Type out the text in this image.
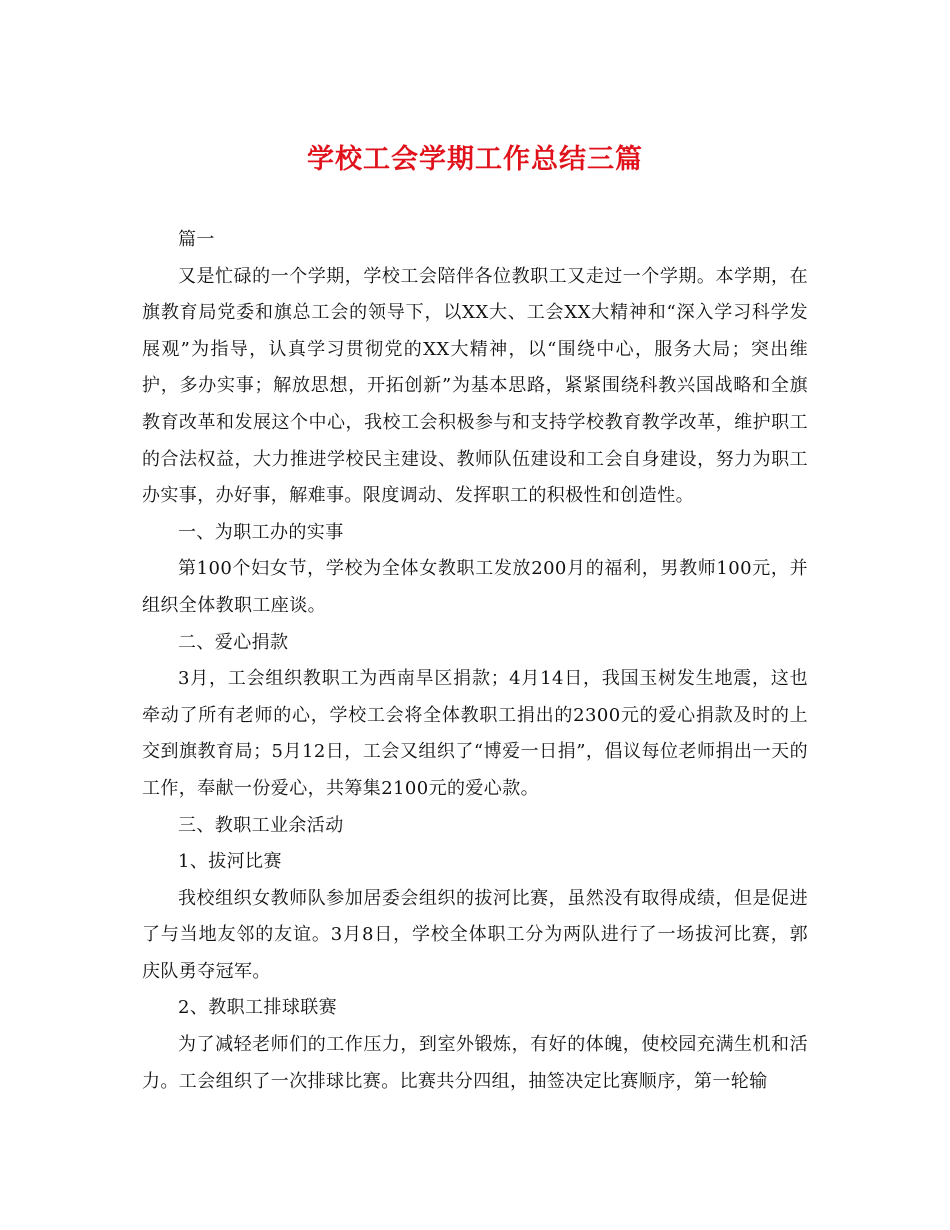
学校工会学期工作总结三篇

篇一

又是忙碌的一个学期，学校工会陪伴各位教职工又走过一个学期。本学期，在旗教育局党委和旗总工会的领导下，以XX大、工会XX大精神和“深入学习科学发展观”为指导，认真学习贯彻党的XX大精神，以“围绕中心，服务大局；突出维护，多办实事；解放思想，开拓创新”为基本思路，紧紧围绕科教兴国战略和全旗教育改革和发展这个中心，我校工会积极参与和支持学校教育教学改革，维护职工的合法权益，大力推进学校民主建设、教师队伍建设和工会自身建设，努力为职工办实事，办好事，解难事。限度调动、发挥职工的积极性和创造性。

一、为职工办的实事

第100个妇女节，学校为全体女教职工发放200月的福利，男教师100元，并组织全体教职工座谈。

二、爱心捐款

3月，工会组织教职工为西南旱区捐款；4月14日，我国玉树发生地震，这也牵动了所有老师的心，学校工会将全体教职工捐出的2300元的爱心捐款及时的上交到旗教育局；5月12日，工会又组织了“博爱一日捐”，倡议每位老师捐出一天的工作，奉献一份爱心，共筹集2100元的爱心款。

三、教职工业余活动

1、拔河比赛

我校组织女教师队参加居委会组织的拔河比赛，虽然没有取得成绩，但是促进了与当地友邻的友谊。3月8日，学校全体职工分为两队进行了一场拔河比赛，郭庆队勇夺冠军。

2、教职工排球联赛

为了减轻老师们的工作压力，到室外锻炼，有好的体魄，使校园充满生机和活力。工会组织了一次排球比赛。比赛共分四组，抽签决定比赛顺序，第一轮输
